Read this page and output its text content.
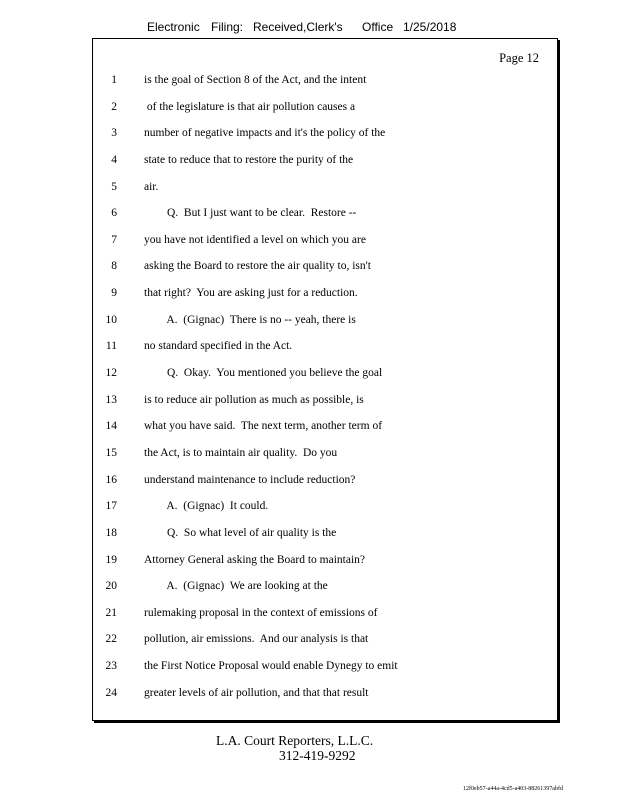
Electronic Filing: Received,Clerk's Office 1/25/2018
Page 12
1 is the goal of Section 8 of the Act, and the intent
2 of the legislature is that air pollution causes a
3 number of negative impacts and it's the policy of the
4 state to reduce that to restore the purity of the
5 air.
6 Q.  But I just want to be clear.  Restore --
7 you have not identified a level on which you are
8 asking the Board to restore the air quality to, isn't
9 that right?  You are asking just for a reduction.
10 A.  (Gignac)  There is no -- yeah, there is
11 no standard specified in the Act.
12 Q.  Okay.  You mentioned you believe the goal
13 is to reduce air pollution as much as possible, is
14 what you have said.  The next term, another term of
15 the Act, is to maintain air quality.  Do you
16 understand maintenance to include reduction?
17 A.  (Gignac)  It could.
18 Q.  So what level of air quality is the
19 Attorney General asking the Board to maintain?
20 A.  (Gignac)  We are looking at the
21 rulemaking proposal in the context of emissions of
22 pollution, air emissions.  And our analysis is that
23 the First Notice Proposal would enable Dynegy to emit
24 greater levels of air pollution, and that that result
L.A. Court Reporters, L.L.C.
312-419-9292
12f0eb57-a44a-4cd5-a403-88261397abfd
